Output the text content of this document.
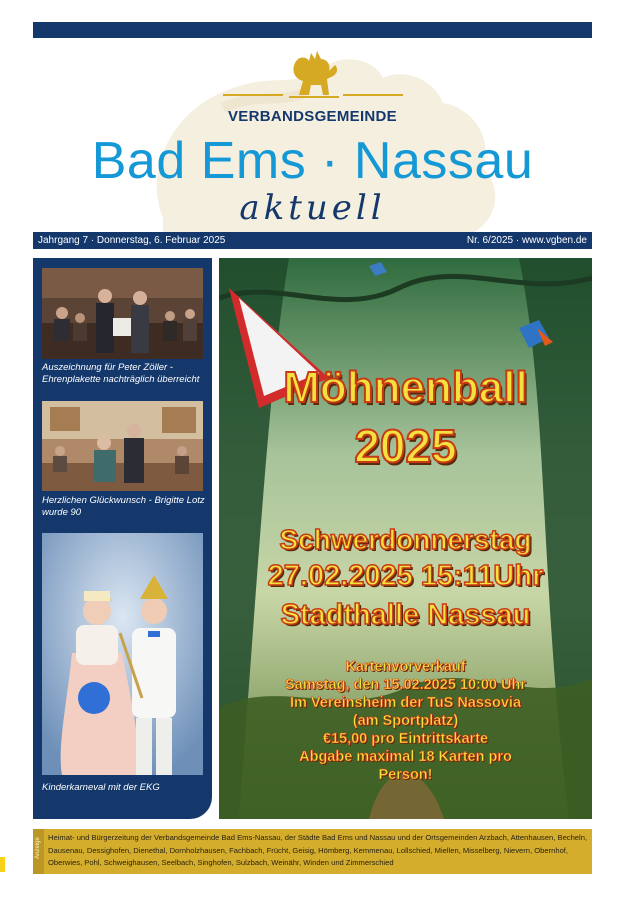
VERBANDSGEMEINDE
Bad Ems · Nassau
aktuell
Jahrgang 7 · Donnerstag, 6. Februar 2025	Nr. 6/2025 · www.vgben.de
Auszeichnung für Peter Zöller - Ehrenplakette nachträglich überreicht
Herzlichen Glückwunsch - Brigitte Lotz wurde 90
Kinderkarneval mit der EKG
Möhnenball
2025
Schwerdonnerstag
27.02.2025 15:11Uhr
Stadthalle Nassau
Kartenvorverkauf
Samstag, den 15.02.2025 10:00 Uhr
Im Vereinsheim der TuS Nassovia
(am Sportplatz)
€15,00 pro Eintrittskarte
Abgabe maximal 18 Karten pro
Person!
Anzeige Heimat- und Bürgerzeitung der Verbandsgemeinde Bad Ems-Nassau, der Städte Bad Ems und Nassau und der Ortsgemeinden Arzbach, Attenhausen, Becheln, Dausenau, Dessighofen, Dienethal, Dornholzhausen, Fachbach, Frücht, Geisig, Hömberg, Kemmenau, Lollschied, Miellen, Misselberg, Nievern, Obernhof, Oberwies, Pohl, Schweighausen, Seelbach, Singhofen, Sulzbach, Weinähr, Winden und Zimmerschied
